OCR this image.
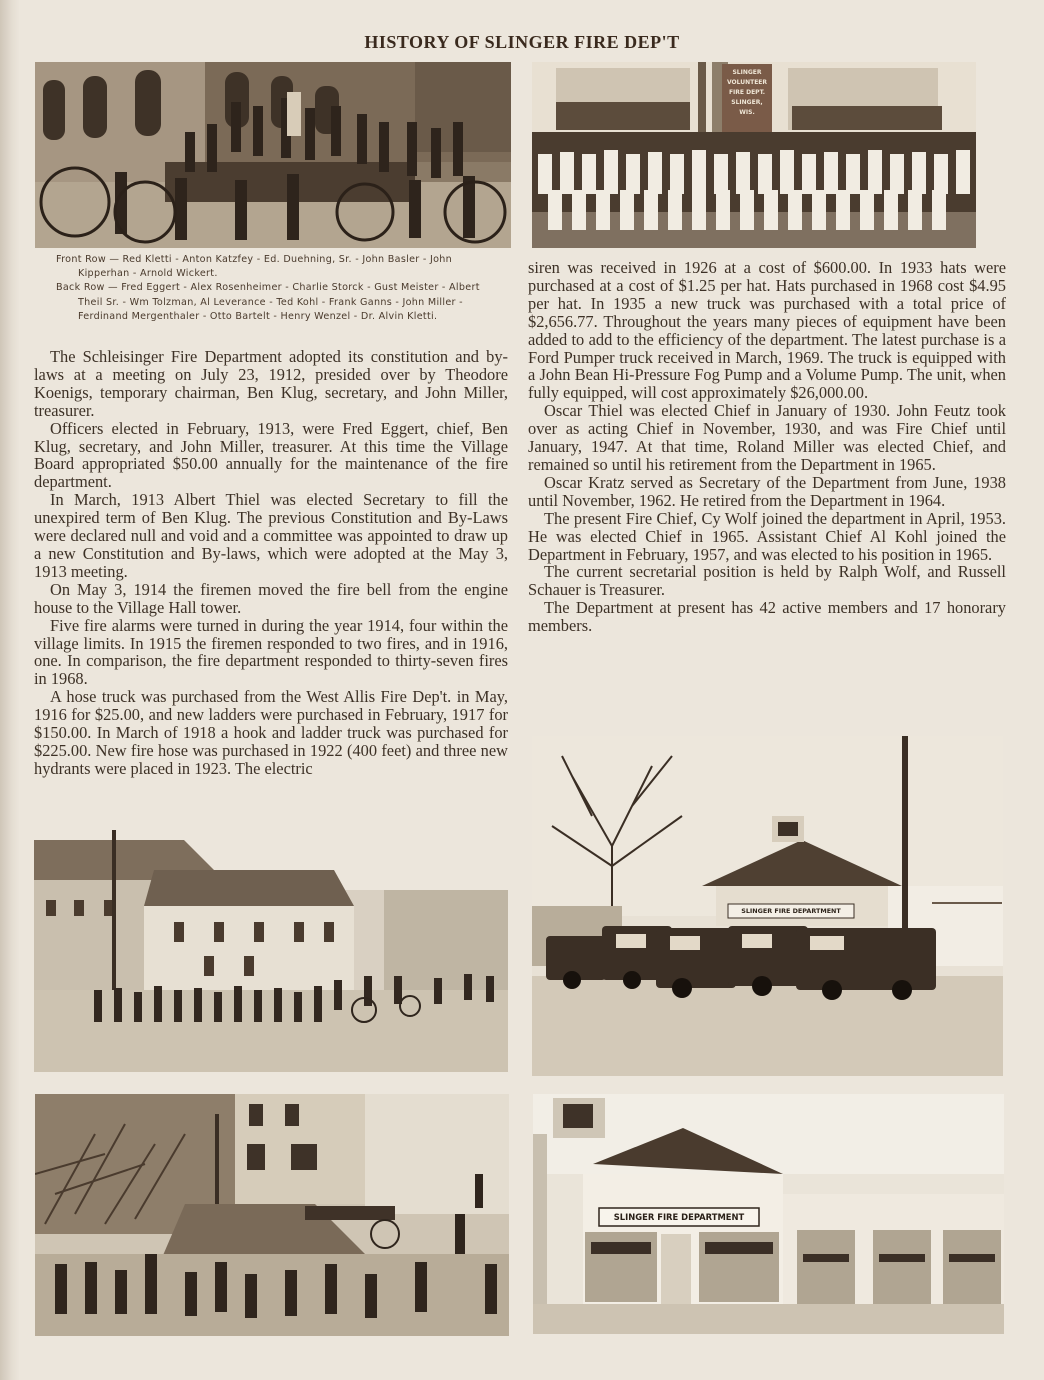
HISTORY OF SLINGER FIRE DEP'T
SLINGER
VOLUNTEER
FIRE DEPT.
SLINGER, WIS.
Front Row — Red Kletti - Anton Katzfey - Ed. Duehning, Sr. - John Basler - John Kipperhan - Arnold Wickert.
Back Row — Fred Eggert - Alex Rosenheimer - Charlie Storck - Gust Meister - Albert Theil Sr. - Wm Tolzman, Al Leverance - Ted Kohl - Frank Ganns - John Miller - Ferdinand Mergenthaler - Otto Bartelt - Henry Wenzel - Dr. Alvin Kletti.

The Schleisinger Fire Department adopted its constitution and by-laws at a meeting on July 23, 1912, presided over by Theodore Koenigs, temporary chairman, Ben Klug, secretary, and John Miller, treasurer.

Officers elected in February, 1913, were Fred Eggert, chief, Ben Klug, secretary, and John Miller, treasurer. At this time the Village Board appropriated $50.00 annually for the maintenance of the fire department.

In March, 1913 Albert Thiel was elected Secretary to fill the unexpired term of Ben Klug. The previous Constitution and By-Laws were declared null and void and a committee was appointed to draw up a new Constitution and By-laws, which were adopted at the May 3, 1913 meeting.

On May 3, 1914 the firemen moved the fire bell from the engine house to the Village Hall tower.

Five fire alarms were turned in during the year 1914, four within the village limits. In 1915 the firemen responded to two fires, and in 1916, one. In comparison, the fire department responded to thirty-seven fires in 1968.

A hose truck was purchased from the West Allis Fire Dep't. in May, 1916 for $25.00, and new ladders were purchased in February, 1917 for $150.00. In March of 1918 a hook and ladder truck was purchased for $225.00. New fire hose was purchased in 1922 (400 feet) and three new hydrants were placed in 1923. The electric

siren was received in 1926 at a cost of $600.00. In 1933 hats were purchased at a cost of $1.25 per hat. Hats purchased in 1968 cost $4.95 per hat. In 1935 a new truck was purchased with a total price of $2,656.77. Throughout the years many pieces of equipment have been added to add to the efficiency of the department. The latest purchase is a Ford Pumper truck received in March, 1969. The truck is equipped with a John Bean Hi-Pressure Fog Pump and a Volume Pump. The unit, when fully equipped, will cost approximately $26,000.00.

Oscar Thiel was elected Chief in January of 1930. John Feutz took over as acting Chief in November, 1930, and was Fire Chief until January, 1947. At that time, Roland Miller was elected Chief, and remained so until his retirement from the Department in 1965.

Oscar Kratz served as Secretary of the Department from June, 1938 until November, 1962. He retired from the Department in 1964.

The present Fire Chief, Cy Wolf joined the department in April, 1953. He was elected Chief in 1965. Assistant Chief Al Kohl joined the Department in February, 1957, and was elected to his position in 1965.

The current secretarial position is held by Ralph Wolf, and Russell Schauer is Treasurer.

The Department at present has 42 active members and 17 honorary members.

SLINGER FIRE DEPARTMENT
SLINGER FIRE DEPARTMENT
